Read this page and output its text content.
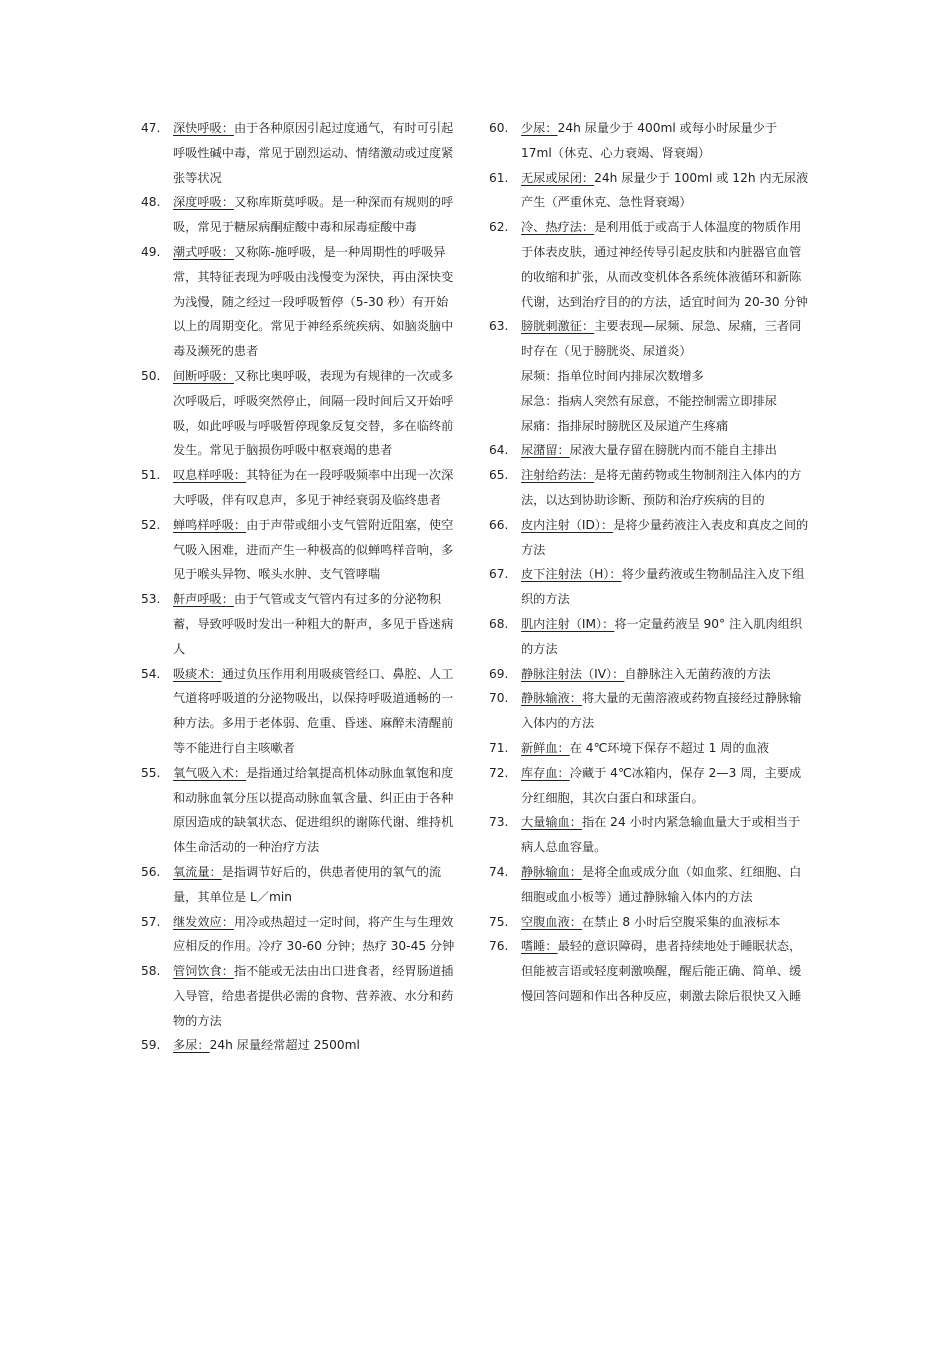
47.	深快呼吸：由于各种原因引起过度通气，有时可引起呼吸性碱中毒，常见于剧烈运动、情绪激动或过度紧张等状况
48.	深度呼吸：又称库斯莫呼吸。是一种深而有规则的呼吸，常见于糖尿病酮症酸中毒和尿毒症酸中毒
49.	潮式呼吸：又称陈-施呼吸，是一种周期性的呼吸异常，其特征表现为呼吸由浅慢变为深快，再由深快变为浅慢，随之经过一段呼吸暂停（5-30 秒）有开始以上的周期变化。常见于神经系统疾病、如脑炎脑中毒及濒死的患者
50.	间断呼吸：又称比奥呼吸，表现为有规律的一次或多次呼吸后，呼吸突然停止，间隔一段时间后又开始呼吸，如此呼吸与呼吸暂停现象反复交替，多在临终前发生。常见于脑损伤呼吸中枢衰竭的患者
51.	叹息样呼吸：其特征为在一段呼吸频率中出现一次深大呼吸，伴有叹息声，多见于神经衰弱及临终患者
52.	蝉鸣样呼吸：由于声带或细小支气管附近阻塞，使空气吸入困难，进而产生一种极高的似蝉鸣样音响，多见于喉头异物、喉头水肿、支气管哮喘
53.	鼾声呼吸：由于气管或支气管内有过多的分泌物积蓄，导致呼吸时发出一种粗大的鼾声，多见于昏迷病人
54.	吸痰术：通过负压作用利用吸痰管经口、鼻腔、人工气道将呼吸道的分泌物吸出，以保持呼吸道通畅的一种方法。多用于老体弱、危重、昏迷、麻醉未清醒前等不能进行自主咳嗽者
55.	氧气吸入术：是指通过给氧提高机体动脉血氧饱和度和动脉血氧分压以提高动脉血氧含量、纠正由于各种原因造成的缺氧状态、促进组织的谢陈代谢、维持机体生命活动的一种治疗方法
56.	氧流量：是指调节好后的，供患者使用的氧气的流量，其单位是 L／min
57.	继发效应：用冷或热超过一定时间，将产生与生理效应相反的作用。冷疗 30-60 分钟；热疗 30-45 分钟
58.	管饲饮食：指不能或无法由出口进食者，经胃肠道插入导管，给患者提供必需的食物、营养液、水分和药物的方法
59.	多尿：24h 尿量经常超过 2500ml
60.	少尿：24h 尿量少于 400ml 或每小时尿量少于 17ml（休克、心力衰竭、肾衰竭）
61.	无尿或尿闭：24h 尿量少于 100ml 或 12h 内无尿液产生（严重休克、急性肾衰竭）
62.	冷、热疗法：是利用低于或高于人体温度的物质作用于体表皮肤，通过神经传导引起皮肤和内脏器官血管的收缩和扩张，从而改变机体各系统体液循环和新陈代谢，达到治疗目的的方法，适宜时间为 20-30 分钟
63.	膀胱刺激征：主要表现—尿频、尿急、尿痛，三者同时存在（见于膀胱炎、尿道炎）
尿频：指单位时间内排尿次数增多
尿急：指病人突然有尿意，不能控制需立即排尿
尿痛：指排尿时膀胱区及尿道产生疼痛
64.	尿潴留：尿液大量存留在膀胱内而不能自主排出
65.	注射给药法：是将无菌药物或生物制剂注入体内的方法，以达到协助诊断、预防和治疗疾病的目的
66.	皮内注射（ID）：是将少量药液注入表皮和真皮之间的方法
67.	皮下注射法（H）：将少量药液或生物制品注入皮下组织的方法
68.	肌内注射（IM）：将一定量药液呈 90° 注入肌肉组织的方法
69.	静脉注射法（IV）：自静脉注入无菌药液的方法
70.	静脉输液：将大量的无菌溶液或药物直接经过静脉输入体内的方法
71.	新鲜血：在 4℃环境下保存不超过 1 周的血液
72.	库存血：冷藏于 4℃冰箱内，保存 2—3 周，主要成分红细胞，其次白蛋白和球蛋白。
73.	大量输血：指在 24 小时内紧急输血量大于或相当于病人总血容量。
74.	静脉输血：是将全血或成分血（如血浆、红细胞、白细胞或血小板等）通过静脉输入体内的方法
75.	空腹血液：在禁止 8 小时后空腹采集的血液标本
76.	嗜睡：最轻的意识障碍，患者持续地处于睡眠状态，但能被言语或轻度刺激唤醒，醒后能正确、简单、缓慢回答问题和作出各种反应，刺激去除后很快又入睡
